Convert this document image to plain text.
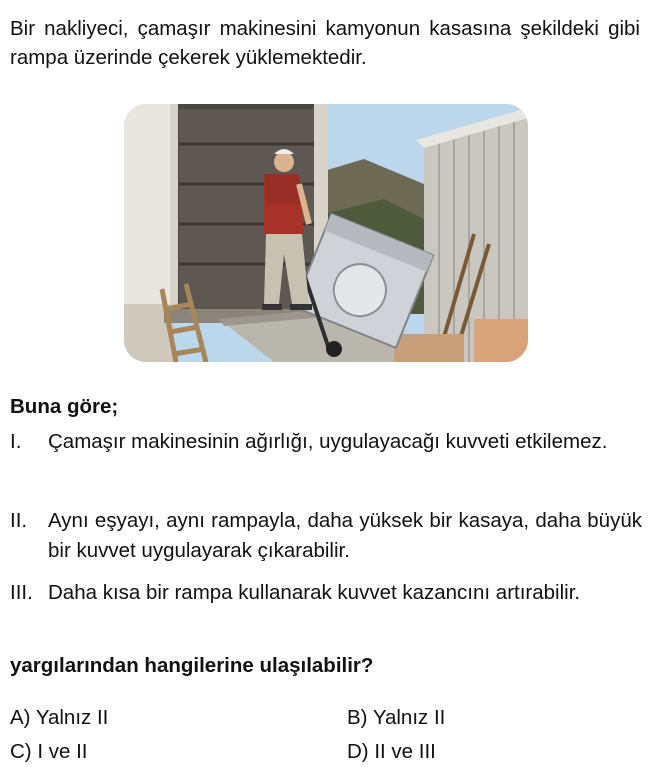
Bir nakliyeci, çamaşır makinesini kamyonun kasasına şekildeki gibi rampa üzerinde çekerek yüklemektedir.
Buna göre;
I. Çamaşır makinesinin ağırlığı, uygulayacağı kuvveti etkilemez.
II. Aynı eşyayı, aynı rampayla, daha yüksek bir kasaya, daha büyük bir kuvvet uygulayarak çıkarabilir.
III. Daha kısa bir rampa kullanarak kuvvet kazancını artırabilir.
yargılarından hangilerine ulaşılabilir?
A) Yalnız II	B) Yalnız II
C) I ve II	D) II ve III
